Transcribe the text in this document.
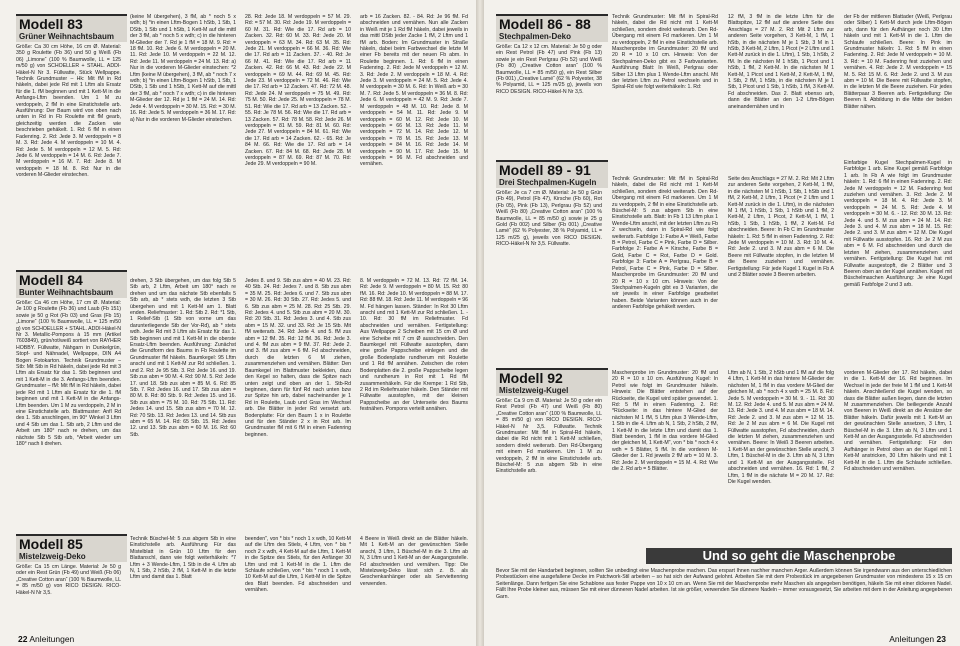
Modell 83
Grüner Weihnachtsbaum
Größe: Ca 30 cm Höhe, 16 cm Ø. Material: 350 g Roulette (Fb 36) und 50 g Weiß (Fb 06) „Limone“ (100 % Baumwolle, LL = 125 m/50 g) von SCHOELLER + STAHL. ADDI-Häkel-N Nr 3. Füllwatte, Stück Wellpappe. Technik Grundmuster – Hk: Mit fM in Rd häkeln, dabei jede Rd mit 1 Lftm als Ersatz für die 1. fM beginnen und mit 1 Kett-M in die Anfangs-Lftm beenden. Um 1 M zu verdoppeln, 2 fM in eine Einstichstelle arb. Ausführung: Der Baum wird von oben nach unten in Rd in Fb Roulette mit fM gearb, gleichzeitig werden die Zacken wie beschrieben gehäkelt. 1. Rd: 6 fM in einen Fadenring. 2. Rd: Jede 3. M verdoppeln = 8 M. 3. Rd: Jede 4. M verdoppeln = 10 M. 4. Rd: Jede 5. M verdoppeln = 12 M. 5. Rd: Jede 6. M verdoppeln = 14 M. 6. Rd: Jede 7. M verdoppeln = 16 M. 7. Rd: Jede 8. M verdoppeln = 18 M. 8. Rd: Nur in die vorderen M-Glieder einstechen.
(keine M übergehen), 3 fM, ab * noch 5 x wdh; b) *in einen Lftm-Bogen 1 hStb, 1 Stb, 1 DStb, 1 Stb und 1 hStb, 1 Kett-M auf die mittl der 3 fM, ab * noch 5 x wdh; c) in die hinteren M-Glieder der 7. Rd je 1 fM = 18 M. 9. Rd: = 18 fM. 10. Rd: Jede 6. M verdoppeln = 20 M. 11. Rd: Jede 10. M verdoppeln = 22 M. 12. Rd: Jede 11. M verdoppeln = 24 M. 13. Rd: a) Nur in die vorderen M-Glieder einstechen: *2 Lftm (keine M übergehen), 3 fM, ab * noch 7 x wdh; b) *in einen Lftm-Bogen 1 hStb, 1 Stb, 1 DStb, 1 Stb und 1 hStb, 1 Kett-M auf die mittl der 3 fM, ab * noch 7 x wdh; c) in die hinteren M-Glieder der 12. Rd je 1 fM = 24 M. 14. Rd: Jede 4. M verdoppeln = 30 M. 15. Rd: = 30 M. 16. Rd: Jede 5. M verdoppeln = 36 M. 17. Rd: a) Nur in die vorderen M-Glieder einstechen.
28. Rd: Jede 18. M verdoppeln = 57 M. 29. Rd: = 57 M. 30. Rd: Jede 19. M verdoppeln = 60 M. 31. Rd: Wie die 17. Rd arb = 10 Zacken. 32. Rd: 60 M. 33. Rd: Jede 20. M verdoppeln = 63 M. 34. Rd: 63 M. 35. Rd: Jede 21. M verdoppeln = 66 M. 36. Rd: Wie die 17. Rd arb = 11 Zacken. 37. - 40. Rd: Je 66 M. 41. Rd: Wie die 17. Rd arb = 11 Zacken. 42. Rd: 66 M. 43. Rd: Jede 22. M verdoppeln = 69 M. 44. Rd: 69 M. 45. Rd: Jede 23. M verdoppeln = 72 M. 46. Rd: Wie die 17. Rd arb = 12 Zacken. 47. Rd: 72 M. 48. Rd: Jede 24. M verdoppeln = 75 M. 49. Rd: 75 M. 50. Rd: Jede 25. M verdoppeln = 78 M. 51. Rd: Wie die 17. Rd arb = 13 Zacken. 52. - 55. Rd: Je 78 M. 56. Rd: Wie die 17. Rd arb = 13 Zacken. 57. Rd: 78 M. 58. Rd: Jede 26. M verdoppeln = 81 M. 59. Rd: 81 M. 60. Rd: Jede 27. M verdoppeln = 84 M. 61. Rd: Wie die 17. Rd arb = 14 Zacken. 62. - 65. Rd: Je 84 M. 66. Rd: Wie die 17. Rd arb = 14 Zacken. 67. Rd: 84 M. 68. Rd: Jede 28. M verdoppeln = 87 M. 69. Rd: 87 M. 70. Rd: Jede 29. M verdoppeln = 90 M.
arb = 16 Zacken. 82. - 84. Rd: Je 96 fM. Fd abschneiden und vernähen. Nun alle Zacken in Weiß mit je 1 Rd fM häkeln, dabei jeweils in das mittl DStb jeder Zacke 1 fM, 2 Lftm und 1 fM arb. Boden: Im Grundmuster in Straße häkeln, dabei beim Farbwechsel die letzte M einer Fb bereits mit der neuen Fb abm. In Roulette beginnen. 1. Rd: 6 fM in einen Fadenring. 2. Rd: Jede M verdoppeln = 12 M. 3. Rd: Jede 2. M verdoppeln = 18 M. 4. Rd: Jede 3. M verdoppeln = 24 M. 5. Rd: Jede 4. M verdoppeln = 30 M. 6. Rd: In Weiß arb = 30 M. 7. Rd: Jede 5. M verdoppeln = 36 M. 8. Rd: Jede 6. M verdoppeln = 42 M. 9. Rd: Jede 7. M verdoppeln = 48 M. 10. Rd: Jede 8. M verdoppeln = 54 M. 11. Rd: Jede 9. M verdoppeln = 60 M. 12. Rd: Jede 10. M verdoppeln = 66 M. 13. Rd: Jede 11. M verdoppeln = 72 M. 14. Rd: Jede 12. M verdoppeln = 78 M. 15. Rd: Jede 13. M verdoppeln = 84 M. 16. Rd: Jede 14. M verdoppeln = 90 M. 17. Rd: Jede 15. M verdoppeln = 96 M. Fd abschneiden und vernähen.
Modell 84
Bunter Weihnachtsbaum
Größe: Ca 46 cm Höhe, 17 cm Ø. Material: Je 100 g Roulette (Fb 36) und Laub (Fb 151) sowie je 50 g Rot (Fb 03) und Gras (Fb 15) „Limone“ (100 % Baumwolle, LL = 125 m/50 g) von SCHOELLER + STAHL. ADDI-Häkel-N Nr 3. Metallic-Pompons à 15 mm (Artikel 7603849), grün/rot/weiß sortiert von RAYHER HOBBY. Füllwatte, Nähgarn in Dunkelgrün, Stopf- und Nähnadel, Wellpappe, DIN A4 Bogen Fotokarton. Technik Grundmuster – Stb: Mit Stb in Rd häkeln, dabei jede Rd mit 3 Lftm als Ersatz für das 1. Stb beginnen und mit 1 Kett-M in die 3. Anfangs-Lftm beenden. Grundmuster – fM: Mit fM in Rd häkeln, dabei jede Rd mit 1 Lftm als Ersatz für die 1. fM beginnen und mit 1 Kett-M in die Anfangs-Lftm beenden. Um 1 M zu verdoppeln, 2 M in eine Einstichstelle arb. Blattmuster: Anfl Rd des 1. Stb anschlingen, im 90° Winkel 3 Lftm und 4 Stb um das 1. Stb arb, 2 Lftm und die Arbeit um 180° nach re drehen, um das nächste Stb 5 Stb arb, *Arbeit wieder um 180° nach li drehen.
drehen, 3 Stb übergehen, um das folg Stb 5 Stb arb, 2 Lftm, Arbeit um 180° nach re drehen und um das nächste Stb ebenfalls 5 Stb arb, ab * stets wdh, die letzten 3 Stb übergehen und mit 1 Kett-M am 1. Blatt enden. Reliefmaster: 1. Rd: Stb 2. Rd: *1 Stb, 1 Relief-Stb (1 Stb von vorne um das darunterliegende Stb der Vor-Rd), ab * stets wdh. Jede Rd mit 3 Lftm als Ersatz für das 1. Stb beginnen und mit 1 Kett-M in die oberste Ersatz-Lftm beenden. Ausführung: Zunächst die Grundform des Baums in Fb Roulette im Grundmuster fM häkeln. Baumkegel: 95 Lftm anschl und mit 1 Kett-M zur Rd schließen. 1. und 2. Rd: Je 95 Stb. 3. Rd: Jede 16. und 19. Stb zus abm = 90 M. 4. Rd: 90 M. 5. Rd: Jede 17. und 18. Stb zus abm = 85 M. 6. Rd: 85 Stb. 7. Rd: Jedes 16. und 17. Stb zus abm = 80 M. 8. Rd: 80 Stb. 9. Rd: Jedes 15. und 16. Stb zus abm = 75 M. 10. Rd: 75 Stb. 11. Rd: Jedes 14. und 15. Stb zus abm = 70 M. 12. Rd: 70 Stb. 13. Rd: Jedes 13. und 14. Stb zus abm = 65 M. 14. Rd: 65 Stb. 15. Rd: Jedes 12. und 13. Stb zus abm = 60 M. 16. Rd: 60 Stb.
Jedes 8. und 9. Stb zus abm = 40 M. 23. Rd: 40 Stb. 24. Rd: Jedes 7. und 8. Stb zus abm = 35 M. 25. Rd: Jedes 6. und 7. Stb zus abm = 30 M. 26. Rd: 30 Stb. 27. Rd: Jedes 5. und 6. Stb zus abm = 25 M. 28. Rd: 25 Stb. 29. Rd: Jedes 4. und 5. Stb zus abm = 20 M. 30. Rd: 20 Stb. 31. Rd: Jedes 3. und 4. Stb zus abm = 15 M. 32. und 33. Rd: Je 15 Stb. Mit fM weiterarb. 34. Rd: Jede 4. und 5. fM zus abm = 12 fM. 35. Rd: 12 fM. 36. Rd: Jede 3. und 4. fM zus abm = 9 fM. 37. Rd: Jede 2. und 3. fM zus abm = 6 fM. Fd abschneiden, durch die letzten 6 M ziehen, zusammenziehen und vernähen. Blätter: Den Baumkegel im Blattmuster bekleiden, dazu den Kegel so halten, dass die Spitze nach unten zeigt und oben an der 1. Stb-Rd beginnen, dann für fünf Rd nach unten bzw zur Spitze hin arb, dabei nacheinander je 1 Rd in Roulette, Laub und Gras im Wechsel arb. Die Blätter in jeder Rd versetzt arb. Bodenplatte: Für den Baum 1 x in Roulette und für den Ständer 2 x in Rot arb. Im Grundmuster fM mit 6 fM in einen Fadenring beginnen.
8. M verdoppeln = 72 M. 13. Rd: 72 fM. 14. Rd: Jede 9. M verdoppeln = 80 M. 15. Rd: 80 fM. 16. Rd: Jede 10. M verdoppeln = 88 M. 17. Rd: 88 fM. 18. Rd: Jede 11. M verdoppeln = 96 M. Fd hängen lassen. Ständer: In Rot 30 Lftm anschl und mit 1 Kett-M zur Rd schließen. 1. - 10. Rd: 30 fM im Reliefmuster. Fd abschneiden und vernähen. Fertigstellung: Aus Wellpappe 2 Scheiben mit 15 cm Ø und eine Scheibe mit 7 cm Ø ausschneiden. Den Baumkegel mit Füllwatte ausstopfen, dann eine große Pappscheibe einlegen und die große Bodenplatte rundherum mit Roulette und 1 Rd fM annähen. Zwischen die roten Bodenplatten die 2. große Pappscheibe legen und rundherum in Rot mit 1 Rd fM zusammenhäkeln. Für die Krempe: 1 Rd Stb, 2 Rd im Reliefmuster häkeln. Den Ständer mit Füllwatte ausstopfen, mit der kleinen Pappscheibe an der Unterseite des Baums festnähen. Pompons verteilt annähen.
Modell 85
Mistelzweig-Deko
Größe: Ca 15 cm Länge. Material: Je 50 g oder ein Rest Grün (Fb 49) und Weiß (Fb 06) „Creative Cotton aran“ (100 % Baumwolle, LL = 85 m/50 g) von RICO DESIGN. RICO-Häkel-N Nr 3,5.
Technik Büschel-M: 5 zus abgem Stb in eine Einstichstelle arb. Ausführung Für das Mistelblatt in Grün 10 Lftm für den Blattanschl, dann wie folgt weiterhäkeln: *7 Lftm + 3 Wende-Lftm, 1 Stb in die 4. Lftm ab N, 1 Stb, 2 hStb, 2 fM, 1 Kett-M in die letzte Lftm und damit das 1. Blatt
beenden", von * bis * noch 1 x wdh, 10 Kett-M auf die Lftm des Stiels, 4 Lftm, von * bis * noch 2 x wdh, 4 Kett-M auf die Lftm, 1 Kett-M in die Spitze des Stiels, für den Anfänger 30 Lftm und mit 1 Kett-M in die 1. Lftm die Schlaufe schließen, von * bis * noch 1 x wdh, 10 Kett-M auf die Lftm, 1 Kett-M in die Spitze des Blatt beenden. Fd abschneiden und vernähen.
4 Beere in Weiß direkt an die Blätter häkeln. Mit 1 Kett-M an der gewünschten Stelle anschl, 3 Lftm, 1 Büschel-M in die 3. Lftm ab N, 3 Lftm und 1 Kett-M an der Ausgangsstelle. Fd abschneiden und vernähen. Tipp: Die Mistelzweig-Deko lässt sich z. B. als Geschenkanhänger oder als Serviettenring verwenden.
22 Anleitungen
Modell 86 - 88
Stechpalmen-Deko
Größe: Ca 12 x 12 cm. Material: Je 50 g oder ein Rest Petrol (Fb 47) und Pink (Fb 13) sowie je ein Rest Perlgrau (Fb 52) und Weiß (Fb 80) „Creative Cotton aran“ (100 % Baumwolle, LL = 85 m/50 g), ein Rest Silber (Fb 001) „Creative Lamé“ (62 % Polyester, 38 % Polyamid, LL = 125 m/25 g), jeweils von RICO DESIGN. RICO-Häkel-N Nr 3,5.
Technik Grundmuster: Mit fM in Spiral-Rd häkeln, dabei die Rd nicht mit 1 Kett-M schließen, sondern direkt weiterarb. Den Rd-Übergang mit einem Fd markieren. Um 1 M zu verdoppeln, 2 fM in eine Einstichstelle arb. Maschenprobe im Grundmuster: 20 fM und 20 R = 10 x 10 cm. Hinweis: Von der Stechpalmen-Deko gibt es 3 Farbvarianten. Ausführung Blatt: In Weiß, Perlgrau oder Silber 13 Lftm plus 1 Wende-Lftm anschl. Mit der letzten Lftm zu Petrol wechseln und in Spiral-Rd wie folgt weiterhäkeln: 1. Rd:
12 fM, 3 fM in die letzte Lftm für die Blattspitze, 12 fM auf die andere Seite des Anschlags = 27 M. 2. Rd: Mit 2 Lftm zur anderen Seite vorgehen, 3 Kett-M, 1 fM, 1 hStb, in die nächsten M je 1 Stb, 3 M in 1 hStb, 3 Kett-M, 2 Lftm, 1 Picot (= 2 Lftm und 1 Kett-M zurück in die 1. Lftm), 1 Stb, 1 hStb, 2 fM. In die nächsten M 1 hStb, 1 Picot und 1 hStb, 1 fM, 2 Kett-M. In die nächsten M 1 Kett-M, 1 Picot und 1 Kett-M, 2 Kett-M, 1 fM, 1 Stb, 2 fM, 1 hStb, in die nächsten M je 1 Stb, 1 Picot und 1 Stb, 1 hStb, 1 fM, 3 Kett-M. Fd abschneiden. Das 2. Blatt ebenso arb, dann die Blätter an den 1-2 Lftm-Bögen aneinandernähen und in
der Fb der mittleren Blattader (Weiß, Perlgrau oder Silber) 1 Kett-M durch jede Lftm-Bögen arb, dann für den Aufhänger noch 30 Lftm häkeln und mit 1 Kett-M in die 1. Lftm die Schlaufe schließen. Beere: In Pink im Grundmuster häkeln: 1. Rd: 5 fM in einen Fadenring. 2. Rd: Jede M verdoppeln = 10 M. 3. Rd: = 10 M. Fadenring fest zuziehen und vernähen. 4. Rd: Jede 2. M verdoppeln = 15 M. 5. Rd: 15 M. 6. Rd: Jede 2. und 3. M zus abm = 10 M. Die Beere mit Füllwatte stopfen, in die letzten M die Beere zuziehen. Für jedes Blätterpaar 3 Beeren arb. Fertigstellung: Die Beeren lt. Abbildung in die Mitte der beiden Blätter nähen.
Modell 89 - 91
Drei Stechpalmen-Kugeln
Größe: Je ca 7 cm Ø. Material: Je 50 g Grün (Fb 49), Petrol (Fb 47), Kirsche (Fb 60), Rot (Fb 05), Pink (Fb 13), Perlgrau (Fb 52) und Weiß (Fb 80) „Creative Cotton aran“ (100 % Baumwolle, LL = 85 m/50 g) sowie je 25 g Gold (Fb 002) und Silber (Fb 001) „Creative Lamé“ (62 % Polyester, 38 % Polyamid, LL = 125 m/25 g), jeweils von RICO DESIGN. RICO-Häkel-N Nr 3,5. Füllwatte.
Technik Grundmuster: Mit fM in Spiral-Rd häkeln, dabei die Rd nicht mit 1 Kett-M schließen, sondern direkt weiterarb. Den Rd-Übergang mit einem Fd markieren. Um 1 M zu verdoppeln, 2 fM in eine Einstichstelle arb. Büschel-M: 5 zus abgem Stb in eine Einstichstelle arb. Blatt: In Fb 1 13 Lftm plus 1 Wende-Lftm anschl, mit der letzten Lftm zu Fb 2 wechseln, dann in Spiral-Rd wie folgt weiterarb. Farbfolge 1: Farbe A = Weiß, Farbe B = Petrol, Farbe C = Pink, Farbe D = Silber. Farbfolge 2: Farbe A = Kirsche, Farbe B = Gold, Farbe C = Rot, Farbe D = Gold. Farbfolge 3: Farbe A = Perlgrau, Farbe B = Petrol, Farbe C = Pink, Farbe D = Silber. Maschenprobe im Grundmuster: 20 fM und 20 R = 10 x 10 cm. Hinweis: Von der Stechpalmen-Kugeln gibt es 3 Varianten, die wir jeweils in einer Farbfolge gearbeitet haben. Beide Varianten können auch in der anderen Farbfolge gehäkelt werden.
Seite des Anschlags = 27 M. 2. Rd: Mit 2 Lftm zur anderen Seite vorgehen, 2 Kett-M, 1 fM, in die nächsten M 1 hStb, 1 Stb, 1 hStb und 1 fM, 2 Kett-M, 2 Lftm, 1 Picot (= 2 Lftm und 1 Kett-M zurück in die 1. Lftm), in die nächsten M 1 fM, 1 hStb, 1 Stb, 1 hStb und 1 fM, 2 Kett-M, 2 Lftm, 1 Picot, 2 Kett-M, 1 fM, 1 hStb, 1 Stb, 1 hStb, 1 fM, 2 Kett-M. Fd abschneiden. Beere: In Fb C im Grundmuster häkeln: 1. Rd: 5 fM in einen Fadenring. 2. Rd: Jede M verdoppeln = 10 M. 3. Rd: 10 M. 4. Rd: Jede 2. und 3. M zus abm = 6 M. Die Beere mit Füllwatte stopfen, in die letzten M die Beere zuziehen und vernähen. Fertigstellung: Für jede Kugel 1 Kugel in Fb A und 2 Blätter sowie 3 Beeren arbeiten.
Einfarbige Kugel Stechpalmen-Kugel in Farbfolge 1 arb. Eine Kugel gemäß Farbfolge 1 arb. In Fb A wie folgt im Grundmuster häkeln: 1. Rd: 6 fM in einen Fadenring. 2. Rd: Jede M verdoppeln = 12 M. Fadenring fest zuziehen und vernähen. 3. Rd: Jede 2. M verdoppeln = 18 M. 4. Rd: Jede 3. M verdoppeln = 24 M. 5. Rd: Jede 4. M verdoppeln = 30 M. 6. - 12. Rd: 30 M. 13. Rd: Jede 4. und 5. M zus abm = 24 M. 14. Rd: Jede 3. und 4. M zus abm = 18 M. 15. Rd: Jede 2. und 3. M zus abm = 12 M. Die Kugel mit Füllwatte ausstopfen. 16. Rd: Je 2 M zus abm = 6 M. Fd abschneiden und durch die letzten M ziehen, zusammenziehen und vernähen. Fertigstellung: Die Kugel hat mit Füllwatte ausgestopft, die 2 Blätter und 3 Beeren oben an der Kugel annähen. Kugel mit Büschelmaschen Ausführung: Je eine Kugel gemäß Farbfolge 2 und 3 arb.
Modell 92
Mistelzweig-Kugel
Größe: Ca 9 cm Ø. Material: Je 50 g oder ein Rest Petrol (Fb 47) und Weiß (Fb 80) „Creative Cotton aran“ (100 % Baumwolle, LL = 85 m/50 g) von RICO DESIGN. RICO-Häkel-N Nr 3,5. Füllwatte. Technik Grundmuster: Mit fM in Spiral-Rd häkeln, dabei die Rd nicht mit 1 Kett-M schließen, sondern direkt weiterarb. Den Rd-Übergang mit einem Fd markieren. Um 1 M zu verdoppeln, 2 fM in eine Einstichstelle arb. Büschel-M: 5 zus abgem Stb in eine Einstichstelle arb.
Maschenprobe im Grundmuster: 20 fM und 20 R = 10 x 10 cm. Ausführung Kugel: In Petrol wie folgt im Grundmuster häkeln. Hinweis: Die Blätter entstehen auf der Rückseite, die Kugel wird später gewendet. 1. Rd: 5 fM in einen Fadenring. 2. Rd: *Rückseite: in das hintere M-Glied der nächsten M 1 fM, 5 Lftm plus 3 Wende-Lftm, 1 Stb in die 4. Lftm ab N, 1 Stb, 2 hStb, 2 fM, 1 Kett-M in die letzte Lftm und damit das 1. Blatt beenden, 1 fM in das vordere M-Glied der gleichen M, 1 Kett-M", von * bis * noch 4 x wdh = 5 Blätter, 5 fM. In die vorderen M-Glieder der 1. Rd jeweils 2 fM arb = 10 M. 3. Rd: Jede 2. M verdoppeln = 15 M. 4. Rd: Wie die 2. Rd arb = 5 Blätter.
Lftm ab N, 1 Stb, 2 hStb und 1 fM auf die folg 4 Lftm, 1 Kett-M in das hintere M-Glieder der nächsten M, 1 fM in das vordere M-Glied der gleichen M, ab * noch 4 x wdh = 25 M. 8. Rd: Jede 5. M verdoppeln = 30 M. 9. - 11. Rd: 30 M. 12. Rd: Jede 4. und 5. M zus abm = 24 M. 13. Rd: Jede 3. und 4. M zus abm = 18 M. 14. Rd: Jede 2. und 3. M zus abm = 12 M. 15. Rd: Je 2 M zus abm = 6 M. Die Kugel mit Füllwatte ausstopfen, Fd abschneiden, durch die letzten M ziehen, zusammenziehen und vernähen. Beere: In Weiß 3 Beeren arbeiten. 1 Kett-M an der gewünschten Stelle anschl, 3 Lftm, 1 Büschel-M in die 3. Lftm ab N, 3 Lftm und 1 Kett-M an der Ausgangsstelle. Fd abschneiden und vernähen. 16. Rd: 1 fM, 2 Lftm, 1 fM in die nächste M = 20 M. 17. Rd: Die Kugel wenden.
vorderen M-Glieder der 17. Rd häkeln, dabei in die 1. Kett-M der 16. Rd beginnen. Im Wechsel in jede der freie M 1 fM und 1 Kett-M häkeln. Anschließend die Kugel wenden, so dass die Blätter außen liegen, dann die letzten M zusammenziehen. Die beiliegende Anzahl von Beeren in Weiß direkt an die Ansätze der Blätter häkeln. Dafür jeweils mit 1 Kett-M an der gewünschten Stelle ansetzen, 3 Lftm, 1 Büschel-M in die 3. Lftm ab N, 3 Lftm und 1 Kett-M an der Ausgangsstelle. Fd abschneiden und vernähen. Fertigstellung: Für den Aufhänger in Petrol oben an der Kugel mit 1 Kett-M anstricken, 30 Lftm häkeln und mit 1 Kett-M in die 1. Lftm die Schlaufe schließen. Fd abschneiden und vernähen.
Und so geht die Maschenprobe
Bevor Sie mit der Handarbeit beginnen, sollten Sie unbedingt eine Maschenprobe machen. Das erspart Ihnen nachher manchen Ärger. Außerdem können Sie irgendwann aus den unterschiedlichen Probestücken eine ausgefallene Decke im Patchwork-Stil arbeiten – so hat sich der Aufwand gelohnt. Arbeiten Sie mit dem Probestück im angegebenen Grundmuster von mindestens 15 x 15 cm Seitenlänge. Dann fertigen Sie eine Schablone aus fester Pappe von 10 x 10 cm an. Wenn Sie mit der Maschenprobe mehr Maschen als angegeben benötigen, häkeln Sie mit einer dickeren Nadel. Fällt Ihre Probe kleiner aus, müssen Sie mit einer dünneren Nadel arbeiten. Ist sie größer, verwenden Sie dünnere Nadeln – immer vorausgesetzt, Sie arbeiten mit dem in der Anleitung angegebenen Garn.
Anleitungen 23
